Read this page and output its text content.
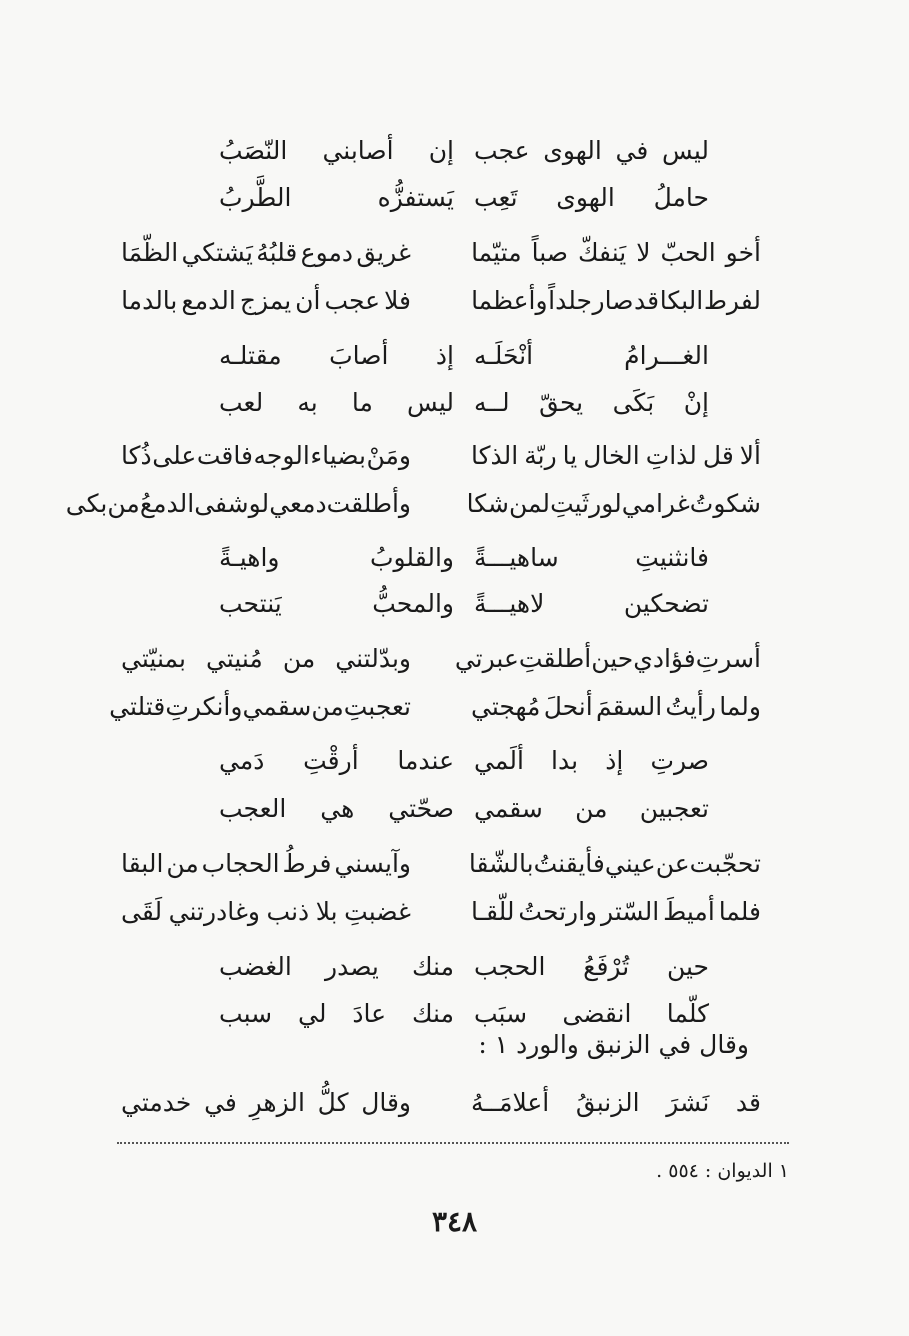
ليس
في
الهوى
عجب
إن
أصابني
النّصَبُ
حاملُ
الهوى
تَعِب
يَستفزُّه
الطَّربُ
أخو
الحبّ
لا
يَنفكّ
صباً
متيّما
غريق
دموع
قلبُهُ
يَشتكي
الظّمَا
لفرط
البكا
قد
صار
جلداً
وأعظما
فلا
عجب
أن
يمزج
الدمع
بالدما
الغـــرامُ
أنْحَلَـه
إذ
أصابَ
مقتلـه
إنْ
بَكَى
يحقّ
لــه
ليس
ما
به
لعب
ألا
قل
لذاتِ
الخال
يا
ربّة
الذكا
ومَنْ
بضياء
الوجه
فاقت
على
ذُكا
شكوتُ
غرامي
لو
رثَيتِ
لمن
شكا
وأطلقت
دمعي
لو
شفى
الدمعُ
من
بكى
فانثنيتِ
ساهيـــةً
والقلوبُ
واهيـةً
تضحكين
لاهيـــةً
والمحبُّ
يَنتحب
أسرتِ
فؤادي
حين
أطلقتِ
عبرتي
وبدّلتني
من
مُنيتي
بمنيّتي
ولما
رأيتُ
السقمَ
أنحلَ
مُهجتي
تعجبتِ
من
سقمي
وأنكرتِ
قتلتي
صرتِ
إذ
بدا
ألَمي
عندما
أرقْتِ
دَمي
تعجبين
من
سقمي
صحّتي
هي
العجب
تحجّبت
عن
عيني
فأيقنتُ
بالشّقا
وآيسني
فرطُ
الحجاب
من
البقا
فلما
أميطَ
السّتر
وارتحتُ
للّقـا
غضبتِ
بلا
ذنب
وغادرتني
لَقَى
حين
تُرْفَعُ
الحجب
منك
يصدر
الغضب
كلّما
انقضى
سبَب
منك
عادَ
لي
سبب
وقال في الزنبق والورد ١ :
قد
نَشرَ
الزنبقُ
أعلامَــهُ
وقال
كلُّ
الزهرِ
في
خدمتي
١ الديوان : ٥٥٤ .
٣٤٨
